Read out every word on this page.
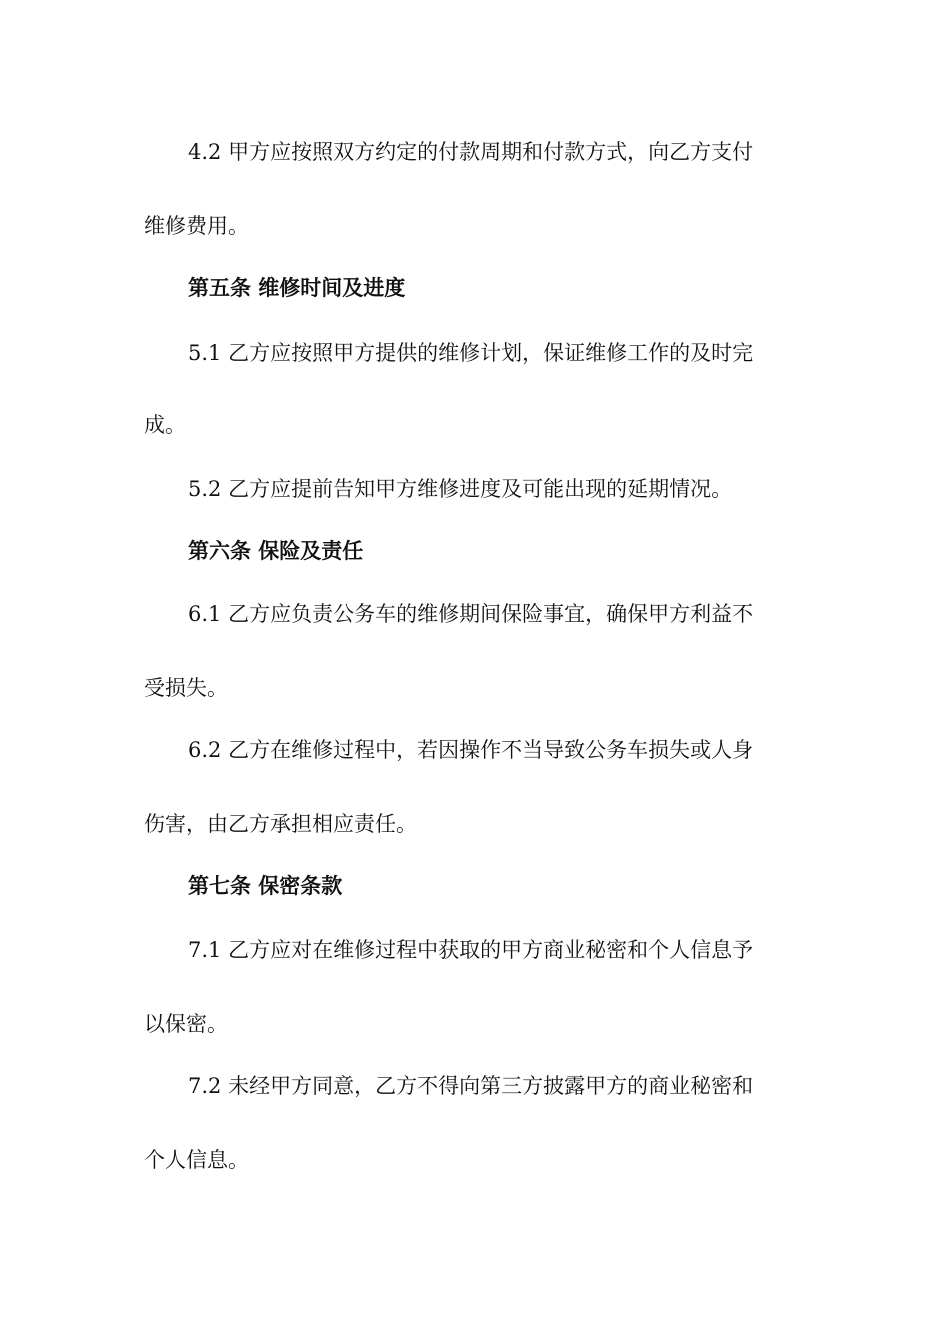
4.2 甲方应按照双方约定的付款周期和付款方式，向乙方支付
维修费用。
第五条 维修时间及进度
5.1 乙方应按照甲方提供的维修计划，保证维修工作的及时完
成。
5.2 乙方应提前告知甲方维修进度及可能出现的延期情况。
第六条 保险及责任
6.1 乙方应负责公务车的维修期间保险事宜，确保甲方利益不
受损失。
6.2 乙方在维修过程中，若因操作不当导致公务车损失或人身
伤害，由乙方承担相应责任。
第七条 保密条款
7.1 乙方应对在维修过程中获取的甲方商业秘密和个人信息予
以保密。
7.2 未经甲方同意，乙方不得向第三方披露甲方的商业秘密和
个人信息。
